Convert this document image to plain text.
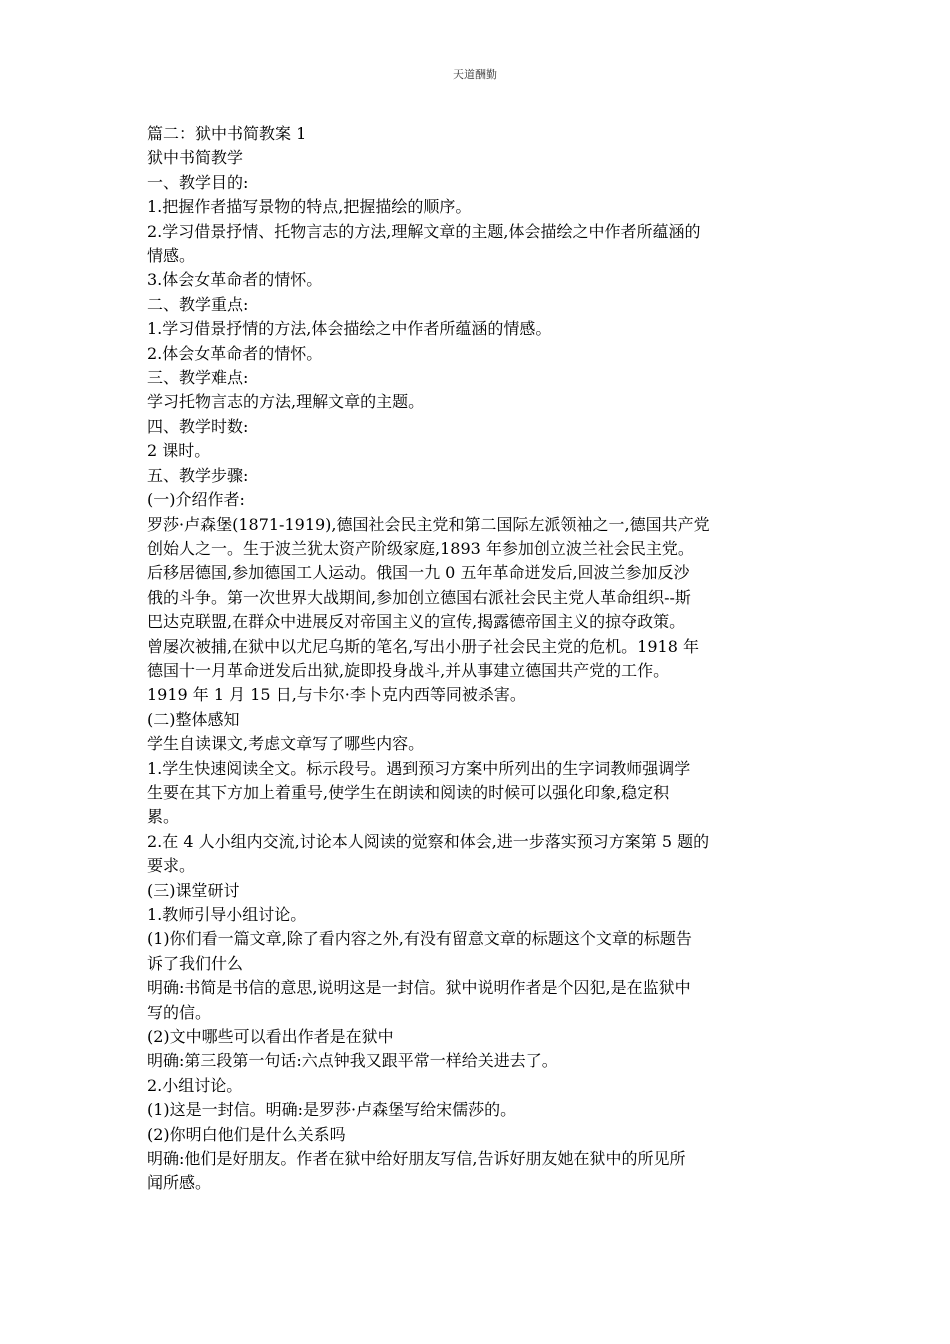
天道酬勤

篇二：狱中书简教案 1

狱中书简教学

一、教学目的:

1.把握作者描写景物的特点,把握描绘的顺序。

2.学习借景抒情、托物言志的方法,理解文章的主题,体会描绘之中作者所蕴涵的

情感。

3.体会女革命者的情怀。

二、教学重点:

1.学习借景抒情的方法,体会描绘之中作者所蕴涵的情感。

2.体会女革命者的情怀。

三、教学难点:

学习托物言志的方法,理解文章的主题。

四、教学时数:

2 课时。

五、教学步骤:

(一)介绍作者:

罗莎·卢森堡(1871-1919),德国社会民主党和第二国际左派领袖之一,德国共产党

创始人之一。生于波兰犹太资产阶级家庭,1893 年参加创立波兰社会民主党。

后移居德国,参加德国工人运动。俄国一九 0 五年革命迸发后,回波兰参加反沙

俄的斗争。第一次世界大战期间,参加创立德国右派社会民主党人革命组织--斯

巴达克联盟,在群众中进展反对帝国主义的宣传,揭露德帝国主义的掠夺政策。

曾屡次被捕,在狱中以尤尼乌斯的笔名,写出小册子社会民主党的危机。1918 年

德国十一月革命迸发后出狱,旋即投身战斗,并从事建立德国共产党的工作。

1919 年 1 月 15 日,与卡尔·李卜克内西等同被杀害。

(二)整体感知

学生自读课文,考虑文章写了哪些内容。

1.学生快速阅读全文。标示段号。遇到预习方案中所列出的生字词教师强调学

生要在其下方加上着重号,使学生在朗读和阅读的时候可以强化印象,稳定积

累。

2.在 4 人小组内交流,讨论本人阅读的觉察和体会,进一步落实预习方案第 5 题的

要求。

(三)课堂研讨

1.教师引导小组讨论。

(1)你们看一篇文章,除了看内容之外,有没有留意文章的标题这个文章的标题告

诉了我们什么

明确:书简是书信的意思,说明这是一封信。狱中说明作者是个囚犯,是在监狱中

写的信。

(2)文中哪些可以看出作者是在狱中

明确:第三段第一句话:六点钟我又跟平常一样给关进去了。

2.小组讨论。

(1)这是一封信。明确:是罗莎·卢森堡写给宋儒莎的。

(2)你明白他们是什么关系吗

明确:他们是好朋友。作者在狱中给好朋友写信,告诉好朋友她在狱中的所见所

闻所感。
